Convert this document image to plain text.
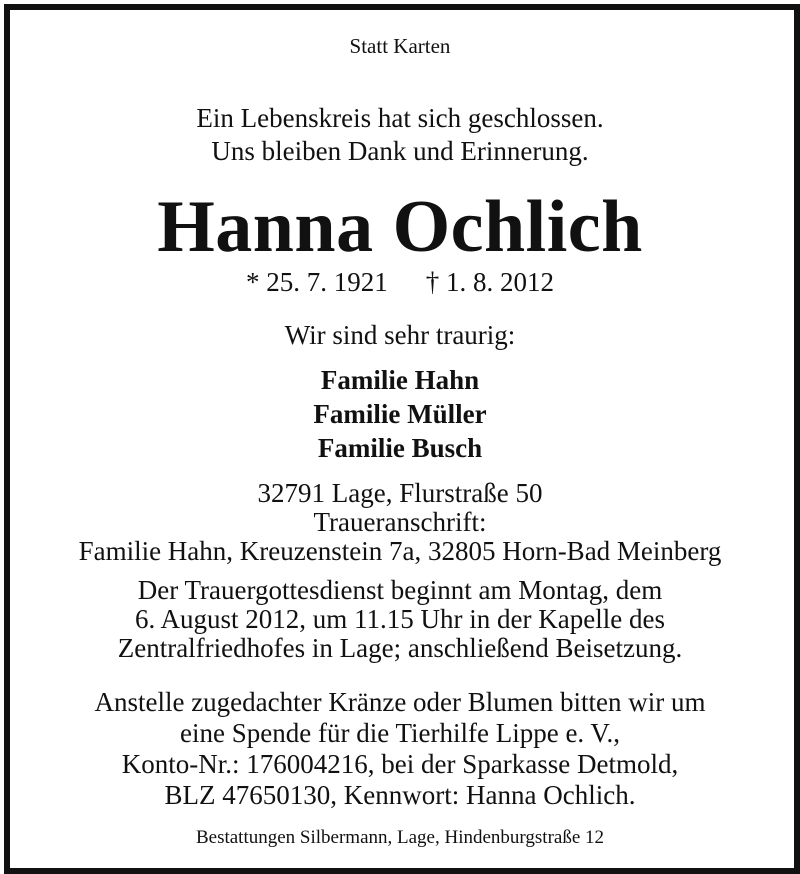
Statt Karten
Ein Lebenskreis hat sich geschlossen.
Uns bleiben Dank und Erinnerung.
Hanna Ochlich
* 25. 7. 1921 † 1. 8. 2012
Wir sind sehr traurig:
Familie Hahn
Familie Müller
Familie Busch
32791 Lage, Flurstraße 50
Traueranschrift:
Familie Hahn, Kreuzenstein 7a, 32805 Horn-Bad Meinberg
Der Trauergottesdienst beginnt am Montag, dem
6. August 2012, um 11.15 Uhr in der Kapelle des
Zentralfriedhofes in Lage; anschließend Beisetzung.
Anstelle zugedachter Kränze oder Blumen bitten wir um
eine Spende für die Tierhilfe Lippe e. V.,
Konto-Nr.: 176004216, bei der Sparkasse Detmold,
BLZ 47650130, Kennwort: Hanna Ochlich.
Bestattungen Silbermann, Lage, Hindenburgstraße 12
